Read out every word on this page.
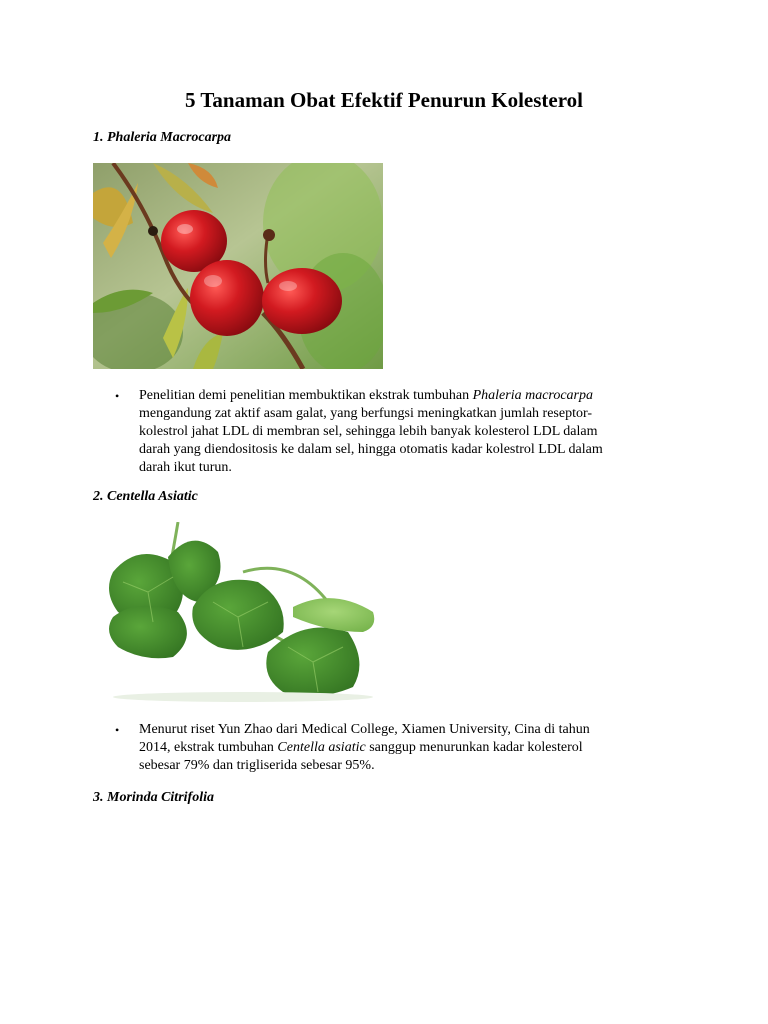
5 Tanaman Obat Efektif Penurun Kolesterol
1. Phaleria Macrocarpa
• Penelitian demi penelitian membuktikan ekstrak tumbuhan Phaleria macrocarpa
mengandung zat aktif asam galat, yang berfungsi meningkatkan jumlah reseptor-
kolestrol jahat LDL di membran sel, sehingga lebih banyak kolesterol LDL dalam
darah yang diendositosis ke dalam sel, hingga otomatis kadar kolestrol LDL dalam
darah ikut turun.
2. Centella Asiatic
• Menurut riset Yun Zhao dari Medical College, Xiamen University, Cina di tahun
2014, ekstrak tumbuhan Centella asiatic sanggup menurunkan kadar kolesterol
sebesar 79% dan trigliserida sebesar 95%.
3. Morinda Citrifolia
